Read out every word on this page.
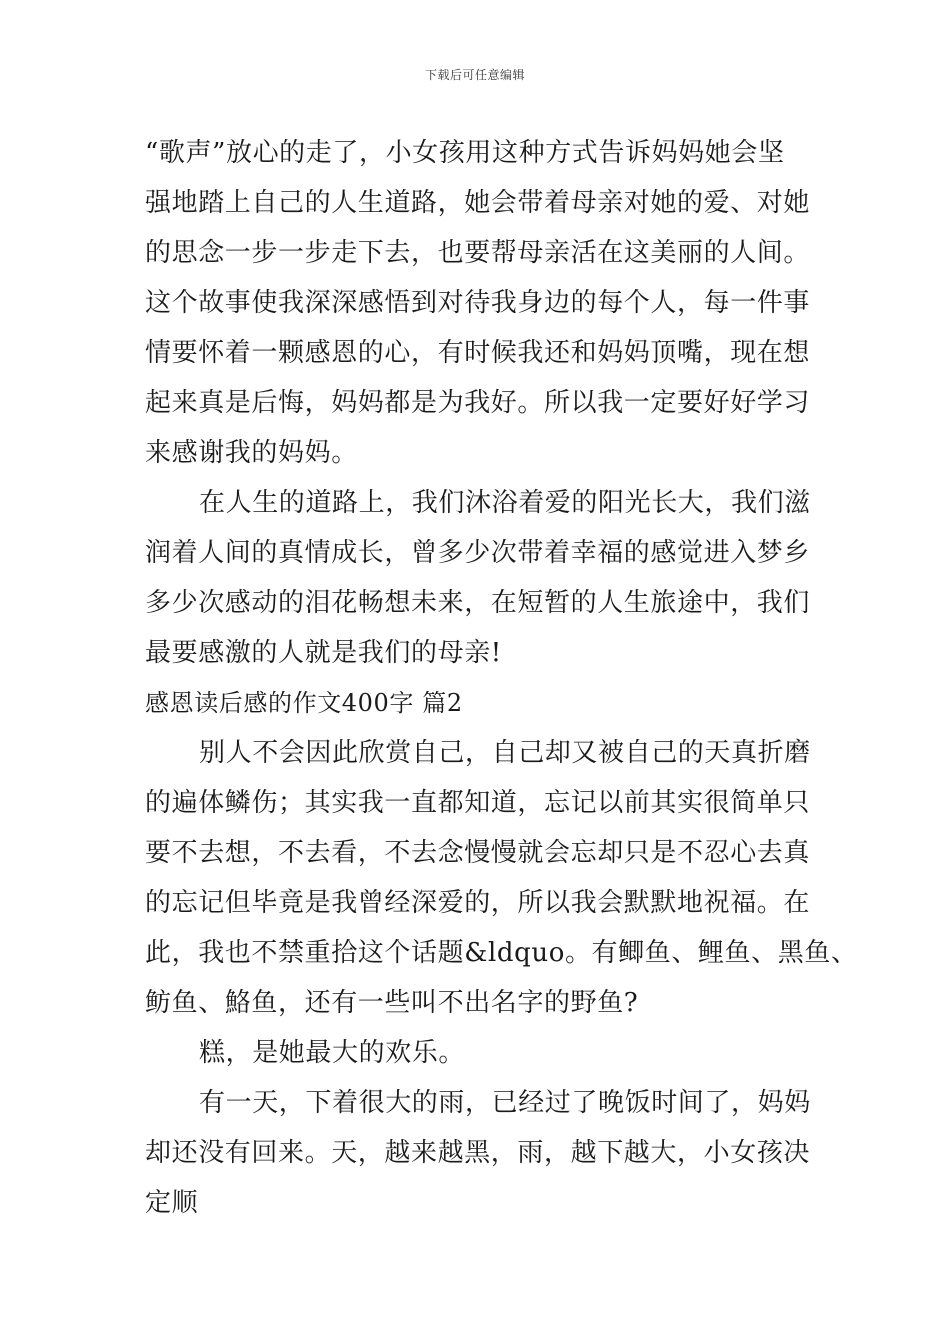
下载后可任意编辑
“歌声”放心的走了，小女孩用这种方式告诉妈妈她会坚
强地踏上自己的人生道路，她会带着母亲对她的爱、对她
的思念一步一步走下去，也要帮母亲活在这美丽的人间。
这个故事使我深深感悟到对待我身边的每个人，每一件事
情要怀着一颗感恩的心，有时候我还和妈妈顶嘴，现在想
起来真是后悔，妈妈都是为我好。所以我一定要好好学习
来感谢我的妈妈。
在人生的道路上，我们沐浴着爱的阳光长大，我们滋
润着人间的真情成长，曾多少次带着幸福的感觉进入梦乡
多少次感动的泪花畅想未来，在短暂的人生旅途中，我们
最要感激的人就是我们的母亲!
感恩读后感的作文400字 篇2
别人不会因此欣赏自己，自己却又被自己的天真折磨
的遍体鳞伤；其实我一直都知道，忘记以前其实很简单只
要不去想，不去看，不去念慢慢就会忘却只是不忍心去真
的忘记但毕竟是我曾经深爱的，所以我会默默地祝福。在
此，我也不禁重拾这个话题&ldquo。有鲫鱼、鲤鱼、黑鱼、
鲂鱼、鮥鱼，还有一些叫不出名字的野鱼?
糕，是她最大的欢乐。
有一天，下着很大的雨，已经过了晚饭时间了，妈妈
却还没有回来。天，越来越黑，雨，越下越大，小女孩决
定顺
